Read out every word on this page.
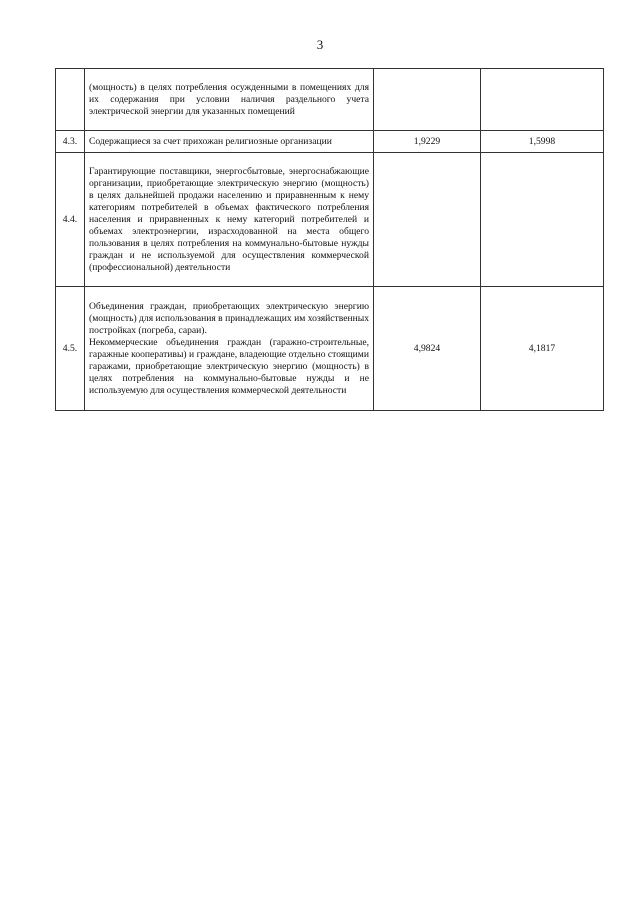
3

	(мощность) в целях потребления осужденными в помещениях для их содержания при условии наличия раздельного учета электрической энергии для указанных помещений		

4.3.	Содержащиеся за счет прихожан религиозные организации	1,9229	1,5998
4.4.	Гарантирующие поставщики, энергосбытовые, энергоснабжающие организации, приобретающие электрическую энергию (мощность) в целях дальнейшей продажи населению и приравненным к нему категориям потребителей в объемах фактического потребления населения и приравненных к нему категорий потребителей и объемах электроэнергии, израсходованной на места общего пользования в целях потребления на коммунально-бытовые нужды граждан и не используемой для осуществления коммерческой (профессиональной) деятельности		

4.5.	Объединения граждан, приобретающих электрическую энергию (мощность) для использования в принадлежащих им хозяйственных постройках (погреба, сараи).
Некоммерческие объединения граждан (гаражно-строительные, гаражные кооперативы) и граждане, владеющие отдельно стоящими гаражами, приобретающие электрическую энергию (мощность) в целях потребления на коммунально-бытовые нужды и не используемую для осуществления коммерческой деятельности	4,9824	4,1817
